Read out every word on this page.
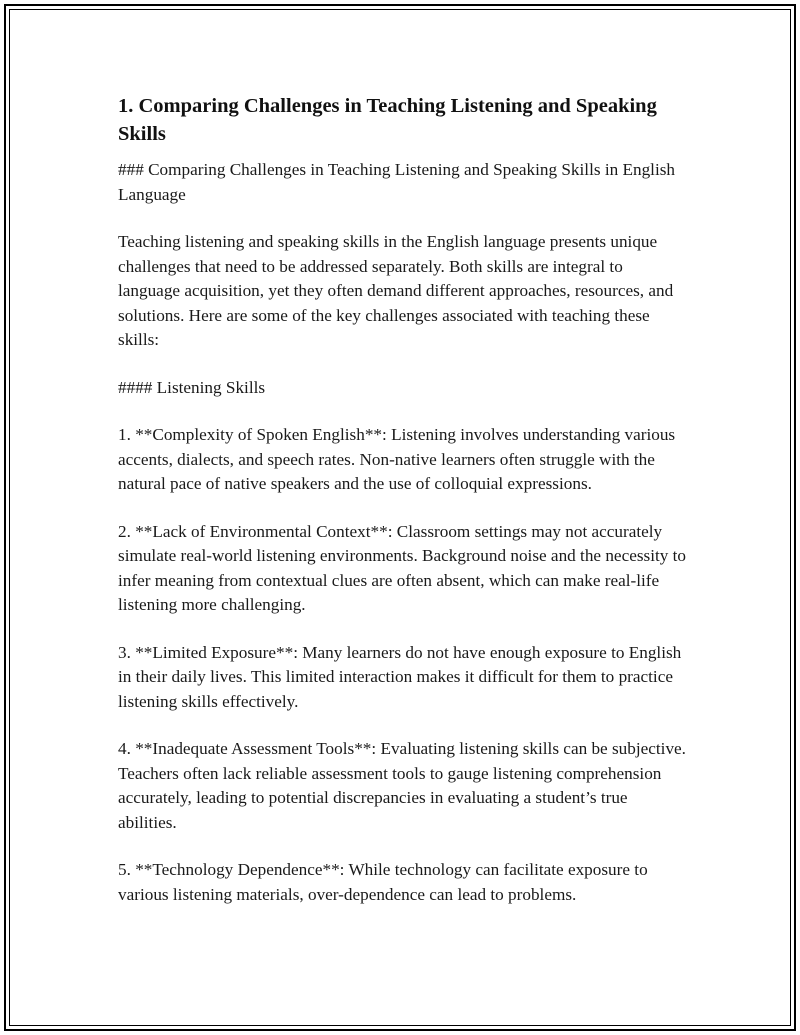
1. Comparing Challenges in Teaching Listening and Speaking Skills

### Comparing Challenges in Teaching Listening and Speaking Skills in English Language

Teaching listening and speaking skills in the English language presents unique challenges that need to be addressed separately. Both skills are integral to language acquisition, yet they often demand different approaches, resources, and solutions. Here are some of the key challenges associated with teaching these skills:

#### Listening Skills

1. **Complexity of Spoken English**: Listening involves understanding various accents, dialects, and speech rates. Non-native learners often struggle with the natural pace of native speakers and the use of colloquial expressions.

2. **Lack of Environmental Context**: Classroom settings may not accurately simulate real-world listening environments. Background noise and the necessity to infer meaning from contextual clues are often absent, which can make real-life listening more challenging.

3. **Limited Exposure**: Many learners do not have enough exposure to English in their daily lives. This limited interaction makes it difficult for them to practice listening skills effectively.

4. **Inadequate Assessment Tools**: Evaluating listening skills can be subjective. Teachers often lack reliable assessment tools to gauge listening comprehension accurately, leading to potential discrepancies in evaluating a student’s true abilities.

5. **Technology Dependence**: While technology can facilitate exposure to various listening materials, over-dependence can lead to problems.
